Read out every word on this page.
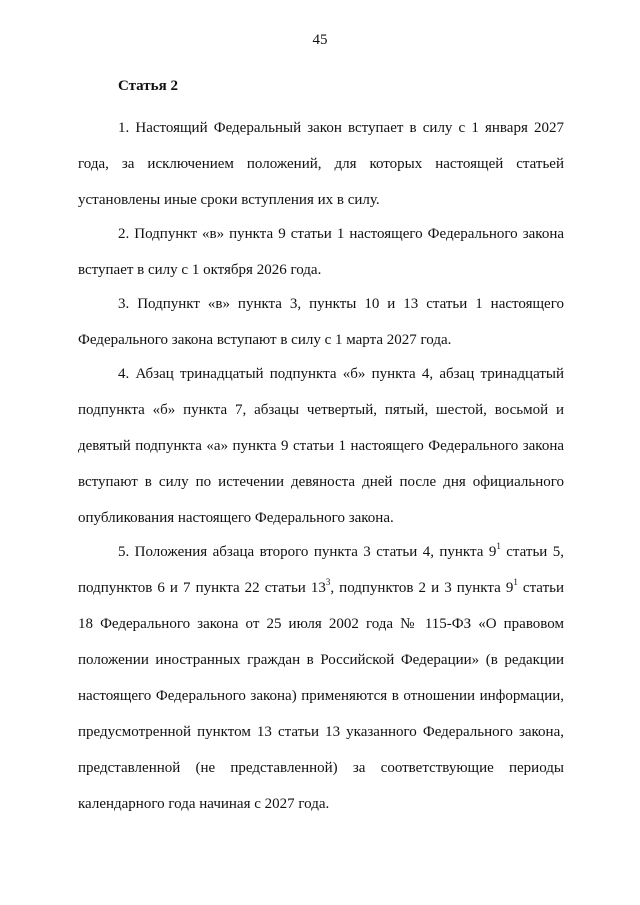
45
Статья 2

1. Настоящий Федеральный закон вступает в силу с 1 января 2027 года, за исключением положений, для которых настоящей статьей установлены иные сроки вступления их в силу.

2. Подпункт «в» пункта 9 статьи 1 настоящего Федерального закона вступает в силу с 1 октября 2026 года.

3. Подпункт «в» пункта 3, пункты 10 и 13 статьи 1 настоящего Федерального закона вступают в силу с 1 марта 2027 года.

4. Абзац тринадцатый подпункта «б» пункта 4, абзац тринадцатый подпункта «б» пункта 7, абзацы четвертый, пятый, шестой, восьмой и девятый подпункта «а» пункта 9 статьи 1 настоящего Федерального закона вступают в силу по истечении девяноста дней после дня официального опубликования настоящего Федерального закона.

5. Положения абзаца второго пункта 3 статьи 4, пункта $9^1$ статьи 5, подпунктов 6 и 7 пункта 22 статьи $13^3$, подпунктов 2 и 3 пункта $9^1$ статьи 18 Федерального закона от 25 июля 2002 года № 115-ФЗ «О правовом положении иностранных граждан в Российской Федерации» (в редакции настоящего Федерального закона) применяются в отношении информации, предусмотренной пунктом 13 статьи 13 указанного Федерального закона, представленной (не представленной) за соответствующие периоды календарного года начиная с 2027 года.
